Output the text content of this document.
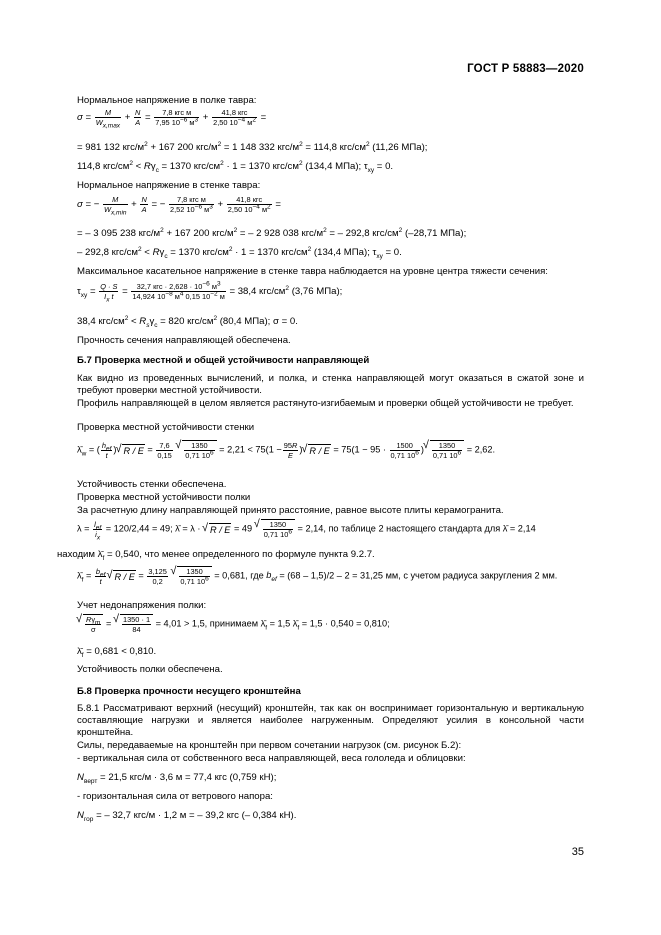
ГОСТ Р 58883—2020
Нормальное напряжение в полке тавра:
$\sigma = \frac{M}{W_{x,max}} + \frac{N}{A} = \frac{\text{7,8 кгс м}}{7,95 10^{-6} м^3} + \frac{\text{41,8 кгс}}{2,50 10^{-4} м^2}$ =
= 981 132 кгс/$м^2 + 167$ 200 кгс/$м^2 = 1$ 148 332 кгс/$м^2 = 114,8$ кгс/$см^2$ (11,26 МПа);
114,8 кгс/$см^2 < R\gamma_c = 1370$ кгс/$см^2 \cdot 1 = 1370$ кгс/$см^2$ (134,4 МПа); $\tau_{xy} = 0$.
Нормальное напряжение в стенке тавра:
σ = − $\frac{M}{W_{x,min}} + \frac{N}{A}$ = − $\frac{\text{7,8 кгс м}}{2,52 10^{-6} м^3} + \frac{\text{41,8 кгс}}{2,50 10^{-4} м^2}$ =
= – 3 095 238 кгс/$м^2 + 167$ 200 кгс/$м^2$ = – 2 928 038 кгс/$м^2$ = – 292,8 кгс/$см^2$ (–28,71 МПа);
– 292,8 кгс/$см^2 < R\gamma_c = 1370$ кгс/$см^2 \cdot 1 = 1370$ кгс/$см^2$ (134,4 МПа); $\tau_{xy} = 0$.
Максимальное касательное напряжение в стенке тавра наблюдается на уровне центра тяжести сечения:
$\tau_{xy} = \frac{Q \cdot S}{I_x t} = \frac{32,7 кгс \cdot 2,628 \cdot 10^{-6} м^3}{14,924 10^{-8} м^4 0,15 10^{-2} м} = 38,4$ кгс/$см^2$ (3,76 МПа);
38,4 кгс/$см^2 < R_s\gamma_c = 820$ кгс/$см^2$ (80,4 МПа); σ = 0.
Прочность сечения направляющей обеспечена.
Б.7 Проверка местной и общей устойчивости направляющей
Как видно из проведенных вычислений, и полка, и стенка направляющей могут оказаться в сжатой зоне и требуют проверки местной устойчивости.
Профиль направляющей в целом является растянуто-изгибаемым и проверки общей устойчивости не требует.
Проверка местной устойчивости стенки
$\lambdā_w$ = ( $\frac{h_{ef}}{t}$ ) √ $R / E = \frac{7,6}{0,15}$
√ $\frac{1350}{0,71 10^6} = 2,21 < 75(1 - \frac{95R}{E}$ ) √ $R / E = 75(1 - 95 \cdot \frac{1500}{0,71 10^6}$ ) √ $\frac{1350}{0,71 10^6} = 2,62$.
Устойчивость стенки обеспечена.
Проверка местной устойчивости полки
За расчетную длину направляющей принято расстояние, равное высоте плиты керамогранита.
$\lambda = \frac{l_{ef}}{i_x} = 120/2,44 = 49$; λ̄ = λ · √ R / E = 49 √ $\frac{1350}{0,71 10^6} = 2,14$, по таблице 2 настоящего стандарта для λ̄ = 2,14
находим $\lambdā_f = 0,540$, что менее определенного по формуле пункта 9.2.7.
$\lambdā_f = \frac{b_{ef}}{t}$ √ $R / E = \frac{3,125}{0,2}$
√ $\frac{1350}{0,71 10^6} = 0,681$, где $b_{ef} = (68 - 1,5)/2 - 2 = 31,25$ мм, с учетом радиуса закругления 2 мм.
Учет недонапряжения полки:
√ $\frac{R\gamma_m}{\sigma}$ = √ $\frac{1350 \cdot 1}{84} = 4,01 > 1,5$, принимаем $\lambdā_f = 1,5$ $\lambdā_f = 1,5 \cdot 0,540 = 0,810$;
$\lambdā_f = 0,681 < 0,810$.
Устойчивость полки обеспечена.
Б.8 Проверка прочности несущего кронштейна
Б.8.1 Рассматривают верхний (несущий) кронштейн, так как он воспринимает горизонтальную и вертикальную составляющие нагрузки и является наиболее нагруженным. Определяют усилия в консольной части кронштейна.
Силы, передаваемые на кронштейн при первом сочетании нагрузок (см. рисунок Б.2):
- вертикальная сила от собственного веса направляющей, веса гололеда и облицовки:
$N_{верт} = 21,5$ кгс/м · 3,6 м = 77,4 кгс (0,759 кН);
- горизонтальная сила от ветрового напора:
$N_{гор}$ = – 32,7 кгс/м · 1,2 м = – 39,2 кгс (– 0,384 кН).
35
